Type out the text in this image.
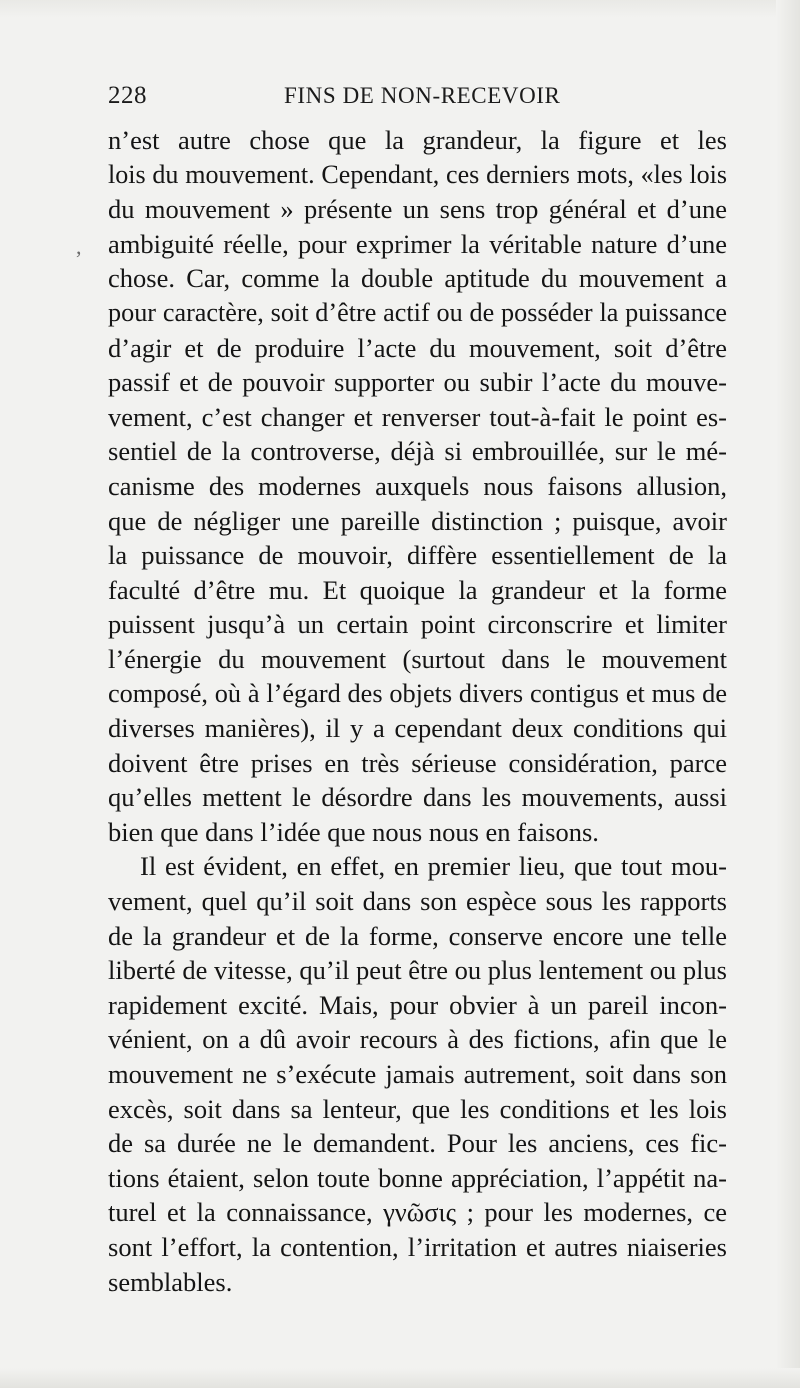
228	FINS DE NON-RECEVOIR
,
n’est autre chose que la grandeur, la figure et les
lois du mouvement. Cependant, ces derniers mots, «les lois
du mouvement » présente un sens trop général et d’une
ambiguité réelle, pour exprimer la véritable nature d’une
chose. Car, comme la double aptitude du mouvement a
pour caractère, soit d’être actif ou de posséder la puissance
d’agir et de produire l’acte du mouvement, soit d’être
passif et de pouvoir supporter ou subir l’acte du mouve-
vement, c’est changer et renverser tout-à-fait le point es-
sentiel de la controverse, déjà si embrouillée, sur le mé-
canisme des modernes auxquels nous faisons allusion,
que de négliger une pareille distinction ; puisque, avoir
la puissance de mouvoir, diffère essentiellement de la
faculté d’être mu. Et quoique la grandeur et la forme
puissent jusqu’à un certain point circonscrire et limiter
l’énergie du mouvement (surtout dans le mouvement
composé, où à l’égard des objets divers contigus et mus de
diverses manières), il y a cependant deux conditions qui
doivent être prises en très sérieuse considération, parce
qu’elles mettent le désordre dans les mouvements, aussi
bien que dans l’idée que nous nous en faisons.
Il est évident, en effet, en premier lieu, que tout mou-
vement, quel qu’il soit dans son espèce sous les rapports
de la grandeur et de la forme, conserve encore une telle
liberté de vitesse, qu’il peut être ou plus lentement ou plus
rapidement excité. Mais, pour obvier à un pareil incon-
vénient, on a dû avoir recours à des fictions, afin que le
mouvement ne s’exécute jamais autrement, soit dans son
excès, soit dans sa lenteur, que les conditions et les lois
de sa durée ne le demandent. Pour les anciens, ces fic-
tions étaient, selon toute bonne appréciation, l’appétit na-
turel et la connaissance, γνῶσις ; pour les modernes, ce
sont l’effort, la contention, l’irritation et autres niaiseries
semblables.
